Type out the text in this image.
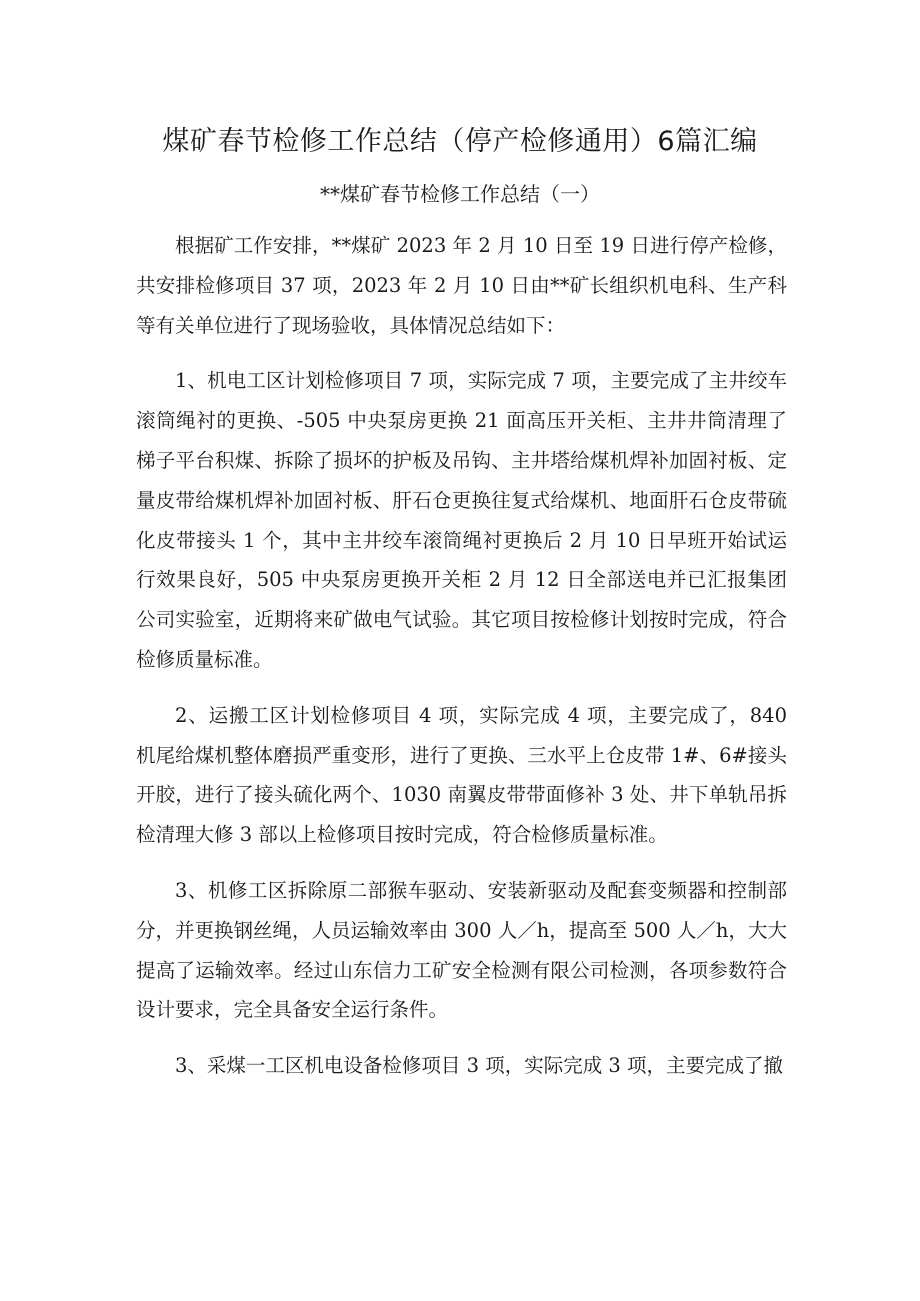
煤矿春节检修工作总结（停产检修通用）6篇汇编
**煤矿春节检修工作总结（一）

根据矿工作安排，**煤矿 2023 年 2 月 10 日至 19 日进行停产检修，共安排检修项目 37 项，2023 年 2 月 10 日由**矿长组织机电科、生产科等有关单位进行了现场验收，具体情况总结如下：

1、机电工区计划检修项目 7 项，实际完成 7 项，主要完成了主井绞车滚筒绳衬的更换、-505 中央泵房更换 21 面高压开关柜、主井井筒清理了梯子平台积煤、拆除了损坏的护板及吊钩、主井塔给煤机焊补加固衬板、定量皮带给煤机焊补加固衬板、肝石仓更换往复式给煤机、地面肝石仓皮带硫化皮带接头 1 个，其中主井绞车滚筒绳衬更换后 2 月 10 日早班开始试运行效果良好，505 中央泵房更换开关柜 2 月 12 日全部送电并已汇报集团公司实验室，近期将来矿做电气试验。其它项目按检修计划按时完成，符合检修质量标准。

2、运搬工区计划检修项目 4 项，实际完成 4 项，主要完成了，840 机尾给煤机整体磨损严重变形，进行了更换、三水平上仓皮带 1#、6#接头开胶，进行了接头硫化两个、1030 南翼皮带带面修补 3 处、井下单轨吊拆检清理大修 3 部以上检修项目按时完成，符合检修质量标准。

3、机修工区拆除原二部猴车驱动、安装新驱动及配套变频器和控制部分，并更换钢丝绳，人员运输效率由 300 人／h，提高至 500 人／h，大大提高了运输效率。经过山东信力工矿安全检测有限公司检测，各项参数符合设计要求，完全具备安全运行条件。

3、采煤一工区机电设备检修项目 3 项，实际完成 3 项，主要完成了撤
